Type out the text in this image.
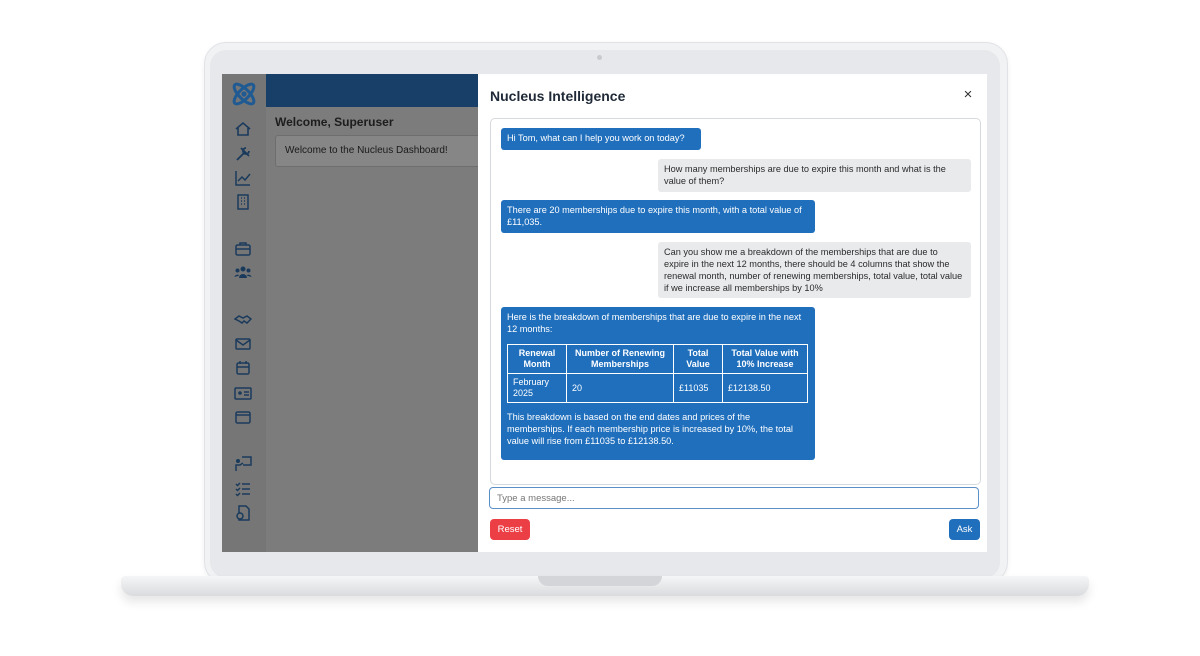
Welcome, Superuser
Welcome to the Nucleus Dashboard!
Nucleus Intelligence	×
Hi Tom, what can I help you work on today?
How many memberships are due to expire this month and what is the value of them?
There are 20 memberships due to expire this month, with a total value of £11,035.
Can you show me a breakdown of the memberships that are due to expire in the next 12 months, there should be 4 columns that show the renewal month, number of renewing memberships, total value, total value if we increase all memberships by 10%
Here is the breakdown of memberships that are due to expire in the next 12 months:
Renewal Month	Number of Renewing Memberships	Total Value	Total Value with 10% Increase
February 2025	20	£11035	£12138.50
This breakdown is based on the end dates and prices of the memberships. If each membership price is increased by 10%, the total value will rise from £11035 to £12138.50.
Type a message...
Reset	Ask
